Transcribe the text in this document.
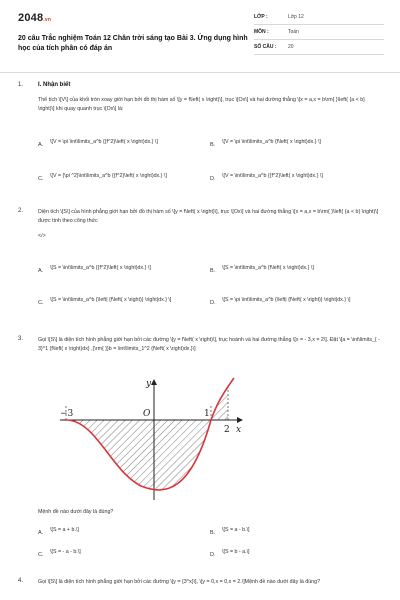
2048.vn
20 câu Trắc nghiệm Toán 12 Chân trời sáng tạo Bài 3. Ứng dụng hình học của tích phân có đáp án
LỚP :	Lớp 12
MÔN :	Toán
SỐ CÂU :	20
1. I. Nhận biết
Thể tích \[V\] của khối tròn xoay giới hạn bởi đồ thị hàm số \[y = f\left( x \right)\], trục \[Ox\] và hai đường thẳng \[x = a,x = b\rm{ }\left( {a < b} \right)\] khi quay quanh trục \[Ox\] là:
A.	\[V = \pi \int\limits_a^b {{f^2}\left( x \right)dx.} \]	B.	\[V = \pi \int\limits_a^b {f\left( x \right)dx.} \]
C.	\[V = {\pi ^2}\int\limits_a^b {{f^2}\left( x \right)dx.} \]	D.	\[V = \int\limits_a^b {{f^2}\left( x \right)dx.} \]
2.	Diện tích \[S\] của hình phẳng giới hạn bởi đồ thị hàm số \[y = f\left( x \right)\], trục \[Ox\] và hai đường thẳng \[x = a,x = b\rm{ }\left( {a < b} \right)\] được tính theo công thức
</>
A.	\[S = \int\limits_a^b {{f^2}\left( x \right)dx.} \]	B.	\[S = \int\limits_a^b {f\left( x \right)dx.} \]
C.	\[S = \int\limits_a^b {\left| {f\left( x \right)} \right|dx.} \]	D.	\[S = \pi \int\limits_a^b {\left| {f\left( x \right)} \right|dx.} \]
3.	Gọi \[S\] là diện tích hình phẳng giới hạn bởi các đường \[y = f\left( x \right)\], trục hoành và hai đường thẳng \[x = - 3,x = 2\]. Đặt \[a = \int\limits_{ - 3}^1 {f\left( x \right)dx} ,{\rm{ }}b = \int\limits_1^2 {f\left( x \right)dx.}\]
y
x
O
−3	1
2
Mệnh đề nào dưới đây là đúng?
A.	\[S = a + b.\]	B.	\[S = a - b.\]
C.	\[S = - a - b.\]	D.	\[S = b - a.\]
4.	Gọi \[S\] là diện tích hình phẳng giới hạn bởi các đường \[y = {3^x}\], \[y = 0,x = 0,x = 2.\]Mệnh đề nào dưới đây là đúng?
